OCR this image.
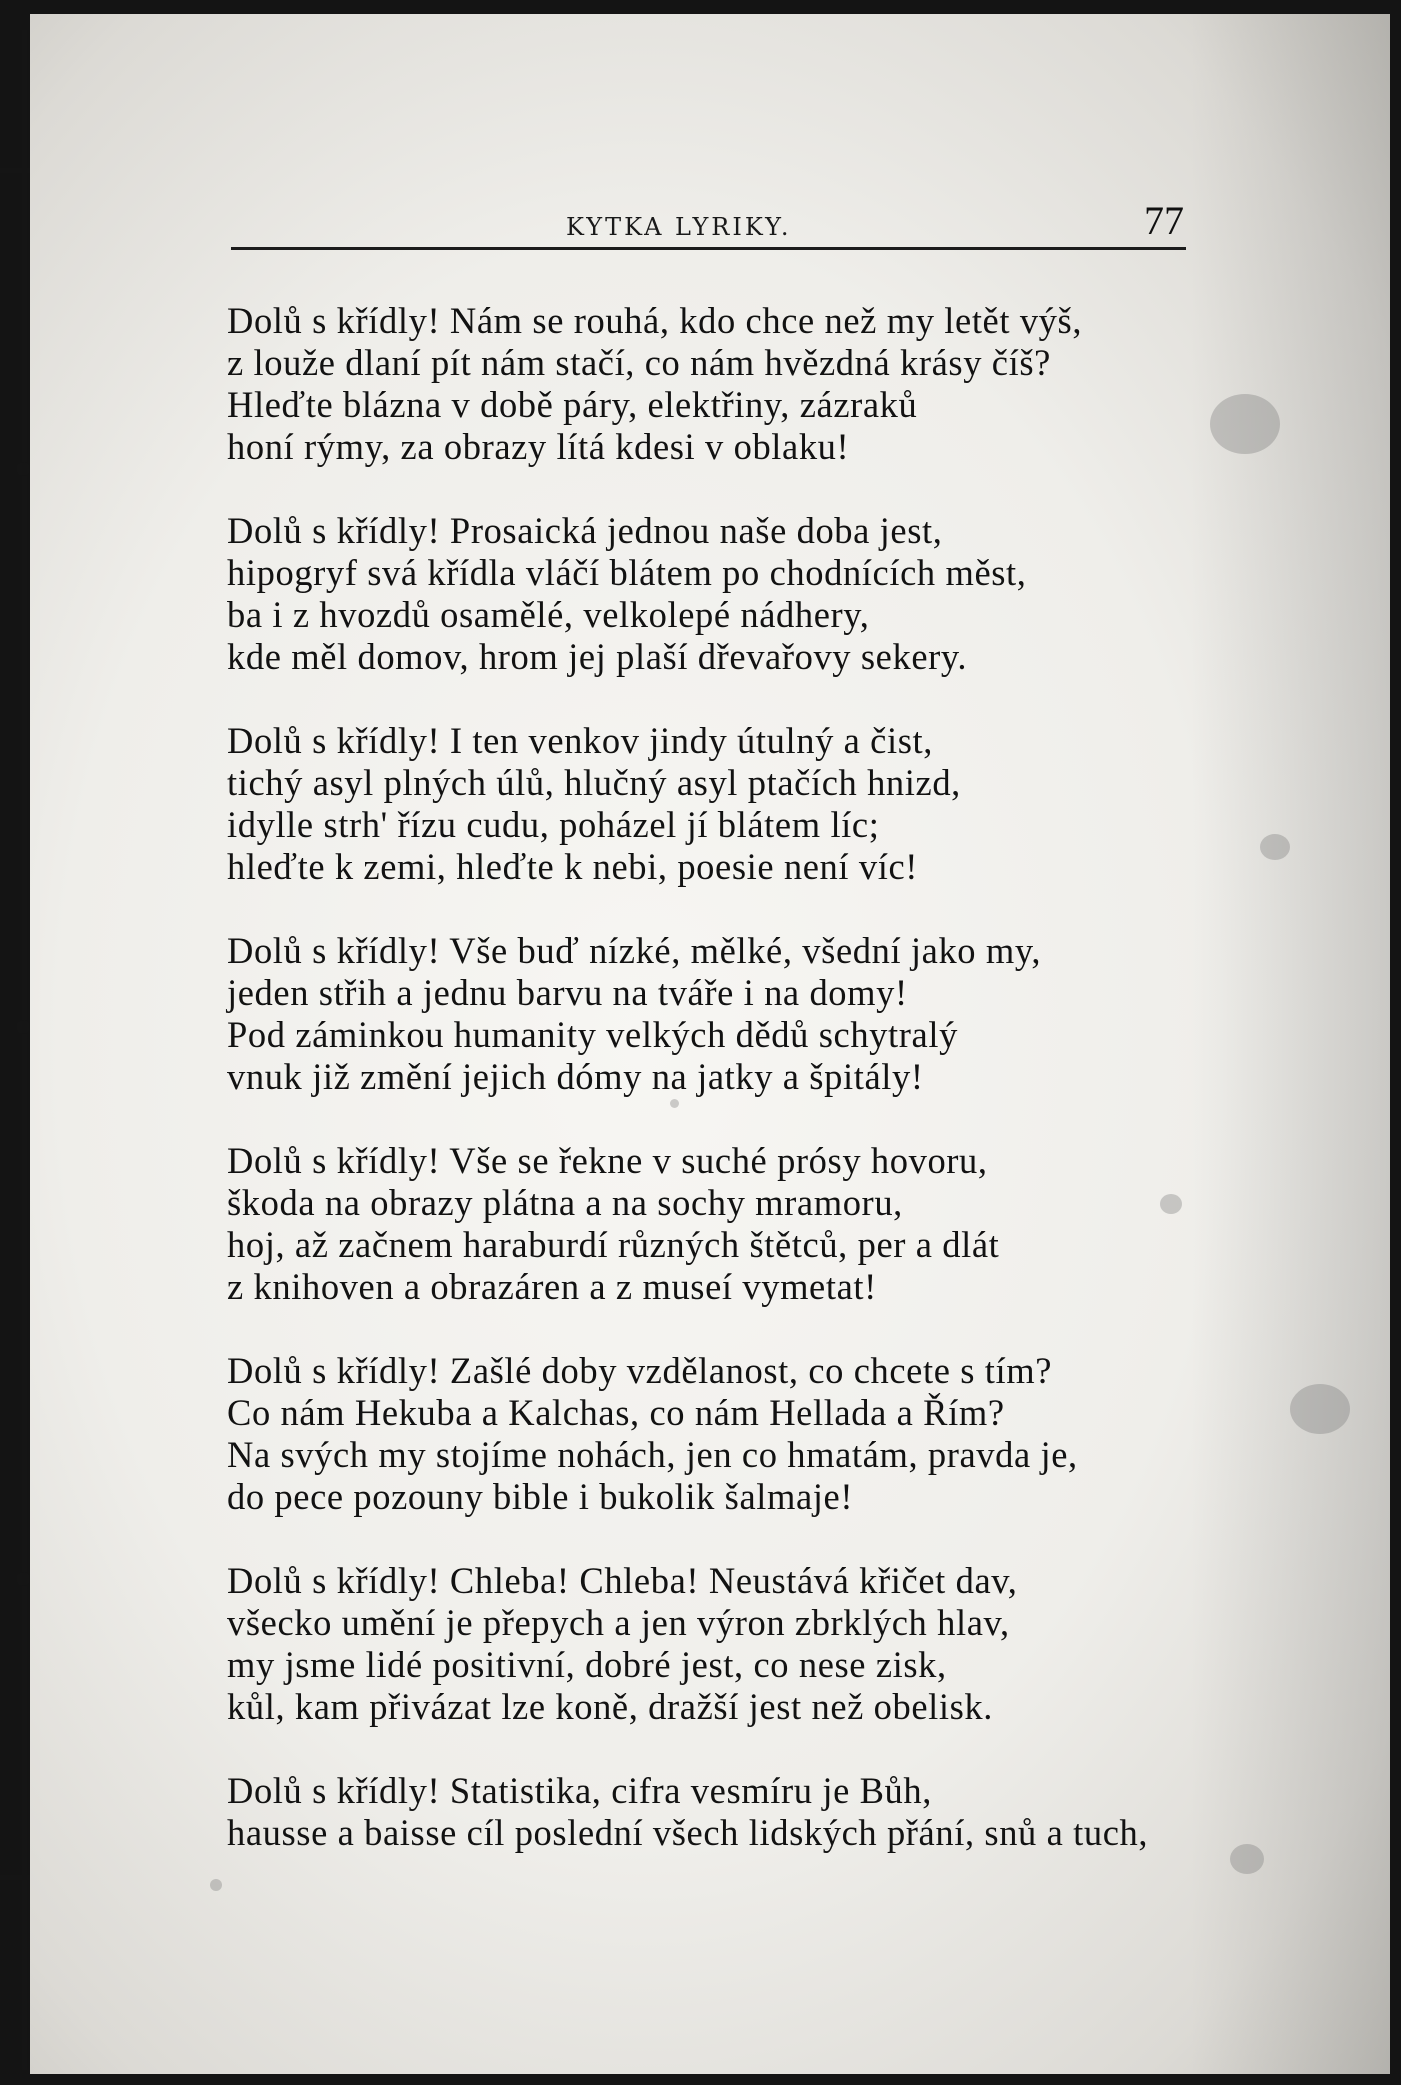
KYTKA LYRIKY.	77
Dolů s křídly! Nám se rouhá, kdo chce než my letět výš,
z louže dlaní pít nám stačí, co nám hvězdná krásy číš?
Hleďte blázna v době páry, elektřiny, zázraků
honí rýmy, za obrazy lítá kdesi v oblaku!
Dolů s křídly! Prosaická jednou naše doba jest,
hipogryf svá křídla vláčí blátem po chodnících měst,
ba i z hvozdů osamělé, velkolepé nádhery,
kde měl domov, hrom jej plaší dřevařovy sekery.
Dolů s křídly! I ten venkov jindy útulný a čist,
tichý asyl plných úlů, hlučný asyl ptačích hnizd,
idylle strh' řízu cudu, poházel jí blátem líc;
hleďte k zemi, hleďte k nebi, poesie není víc!
Dolů s křídly! Vše buď nízké, mělké, všední jako my,
jeden střih a jednu barvu na tváře i na domy!
Pod záminkou humanity velkých dědů schytralý
vnuk již změní jejich dómy na jatky a špitály!
Dolů s křídly! Vše se řekne v suché prósy hovoru,
škoda na obrazy plátna a na sochy mramoru,
hoj, až začnem haraburdí různých štětců, per a dlát
z knihoven a obrazáren a z museí vymetat!
Dolů s křídly! Zašlé doby vzdělanost, co chcete s tím?
Co nám Hekuba a Kalchas, co nám Hellada a Řím?
Na svých my stojíme nohách, jen co hmatám, pravda je,
do pece pozouny bible i bukolik šalmaje!
Dolů s křídly! Chleba! Chleba! Neustává křičet dav,
všecko umění je přepych a jen výron zbrklých hlav,
my jsme lidé positivní, dobré jest, co nese zisk,
kůl, kam přivázat lze koně, dražší jest než obelisk.
Dolů s křídly! Statistika, cifra vesmíru je Bůh,
hausse a baisse cíl poslední všech lidských přání, snů a tuch,
